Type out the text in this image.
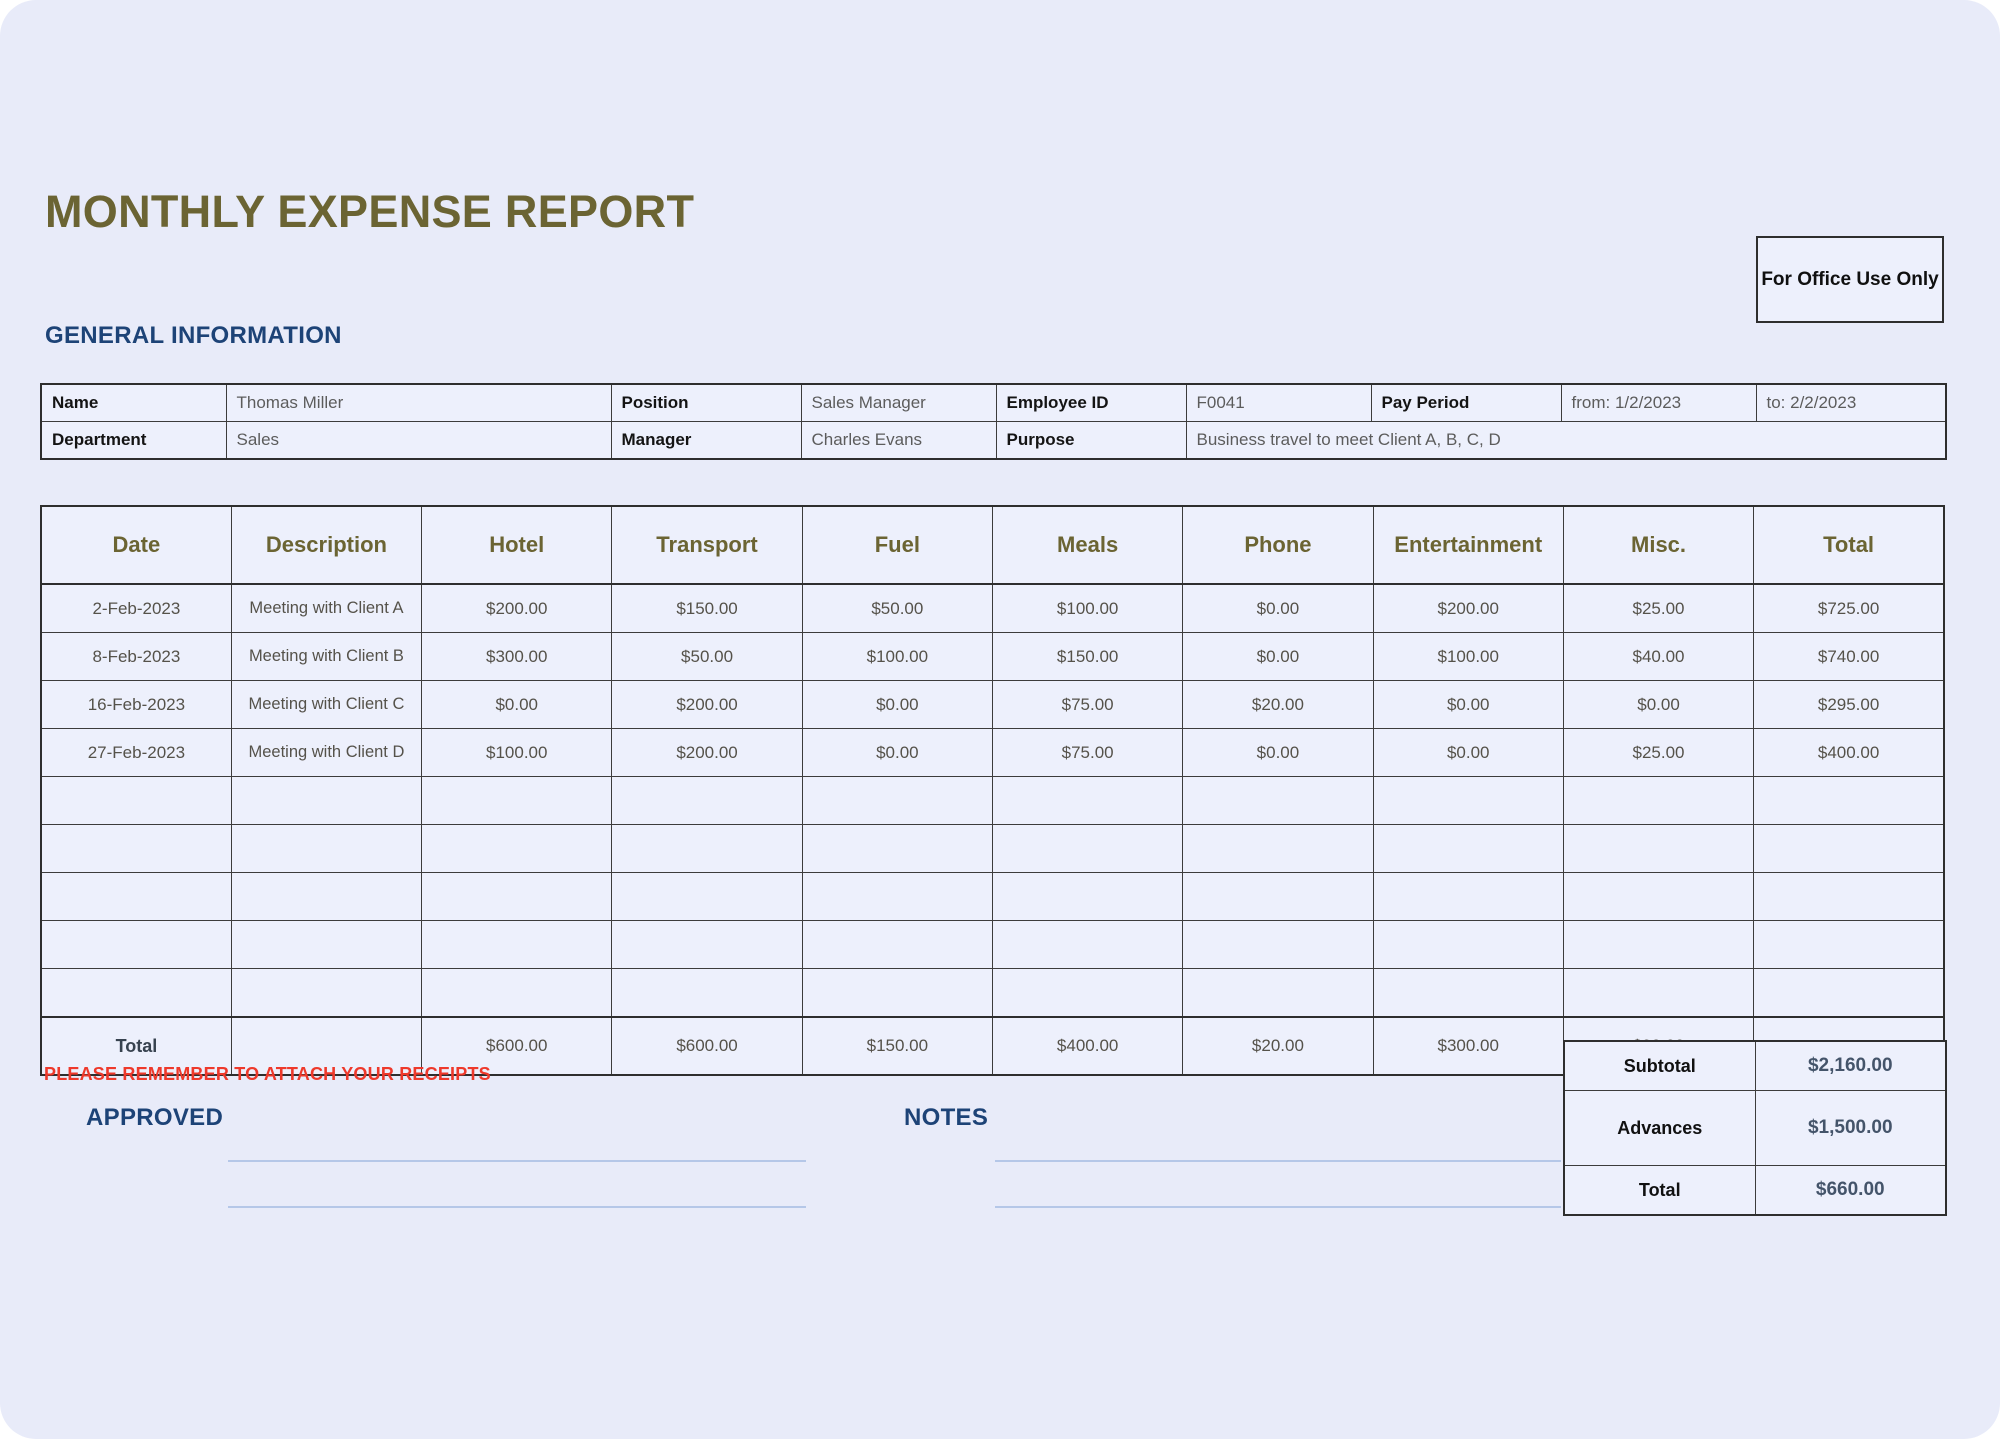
MONTHLY EXPENSE REPORT
For Office Use Only
GENERAL INFORMATION
Name	Thomas Miller	Position	Sales Manager	Employee ID	F0041	Pay Period	from: 1/2/2023	to: 2/2/2023
Department	Sales	Manager	Charles Evans	Purpose	Business travel to meet Client A, B, C, D			
Date	Description	Hotel	Transport	Fuel	Meals	Phone	Entertainment	Misc.	Total
2-Feb-2023	Meeting with Client A	$200.00	$150.00	$50.00	$100.00	$0.00	$200.00	$25.00	$725.00
8-Feb-2023	Meeting with Client B	$300.00	$50.00	$100.00	$150.00	$0.00	$100.00	$40.00	$740.00
16-Feb-2023	Meeting with Client C	$0.00	$200.00	$0.00	$75.00	$20.00	$0.00	$0.00	$295.00
27-Feb-2023	Meeting with Client D	$100.00	$200.00	$0.00	$75.00	$0.00	$0.00	$25.00	$400.00

Total		$600.00	$600.00	$150.00	$400.00	$20.00	$300.00		
PLEASE REMEMBER TO ATTACH YOUR RECEIPTS	Subtotal	$2,160.00
Advances	$1,500.00
Total	$660.00
APPROVED	NOTES
